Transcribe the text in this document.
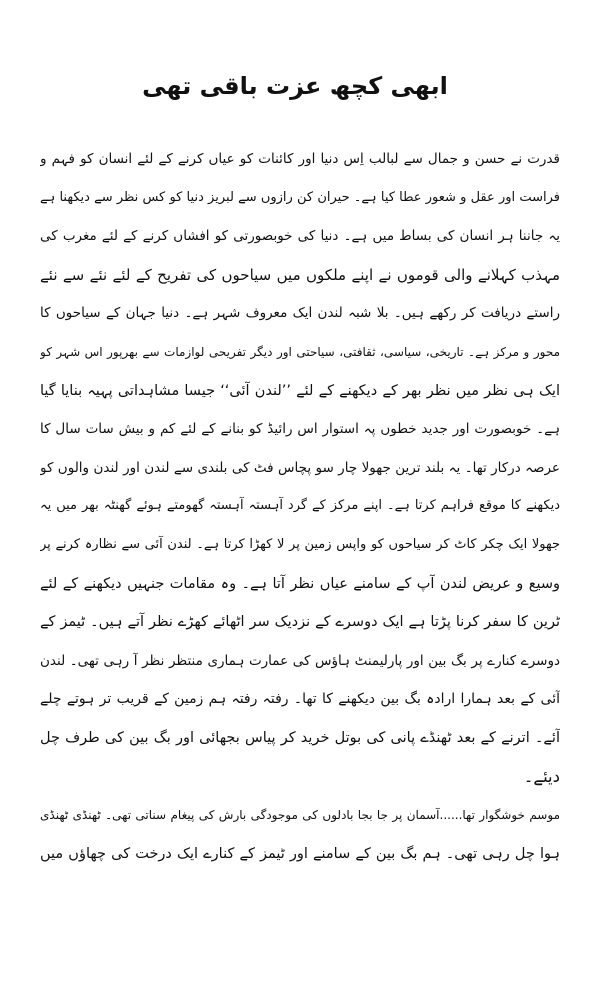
ابھی کچھ عزت باقی تھی
قدرت نے حسن و جمال سے لبالب اِس دنیا اور کائنات کو عیاں کرنے کے لئے انسان کو فہم و
فراست اور عقل و شعور عطا کیا ہے۔ حیران کن رازوں سے لبریز دنیا کو کس نظر سے دیکھنا ہے
یہ جاننا ہر انسان کی بساط میں ہے۔ دنیا کی خوبصورتی کو افشاں کرنے کے لئے مغرب کی
مہذب کہلانے والی قوموں نے اپنے ملکوں میں سیاحوں کی تفریح کے لئے نئے سے نئے
راستے دریافت کر رکھے ہیں۔ بلا شبہ لندن ایک معروف شہر ہے۔ دنیا جہان کے سیاحوں کا
محور و مرکز ہے۔ تاریخی، سیاسی، ثقافتی، سیاحتی اور دیگر تفریحی لوازمات سے بھرپور اس شہر کو
ایک ہی نظر میں نظر بھر کے دیکھنے کے لئے ’’لندن آئی‘‘ جیسا مشاہداتی پہیہ بنایا گیا
ہے۔ خوبصورت اور جدید خطوں پہ استوار اس رائیڈ کو بنانے کے لئے کم و بیش سات سال کا
عرصہ درکار تھا۔ یہ بلند ترین جھولا چار سو پچاس فٹ کی بلندی سے لندن اور لندن والوں کو
دیکھنے کا موقع فراہم کرتا ہے۔ اپنے مرکز کے گرد آہستہ آہستہ گھومتے ہوئے گھنٹہ بھر میں یہ
جھولا ایک چکر کاٹ کر سیاحوں کو واپس زمین پر لا کھڑا کرتا ہے۔ لندن آئی سے نظارہ کرنے پر
وسیع و عریض لندن آپ کے سامنے عیاں نظر آتا ہے۔ وہ مقامات جنہیں دیکھنے کے لئے
ٹرین کا سفر کرنا پڑتا ہے ایک دوسرے کے نزدیک سر اٹھائے کھڑے نظر آتے ہیں۔ ٹیمز کے
دوسرے کنارے پر بگ بین اور پارلیمنٹ ہاؤس کی عمارت ہماری منتظر نظر آ رہی تھی۔ لندن
آئی کے بعد ہمارا ارادہ بگ بین دیکھنے کا تھا۔ رفتہ رفتہ ہم زمین کے قریب تر ہوتے چلے
آئے۔ اترنے کے بعد ٹھنڈے پانی کی بوتل خرید کر پیاس بجھائی اور بگ بین کی طرف چل
دیئے۔
موسم خوشگوار تھا......آسمان پر جا بجا بادلوں کی موجودگی بارش کی پیغام سناتی تھی۔ ٹھنڈی ٹھنڈی
ہوا چل رہی تھی۔ ہم بگ بین کے سامنے اور ٹیمز کے کنارے ایک درخت کی چھاؤں میں
